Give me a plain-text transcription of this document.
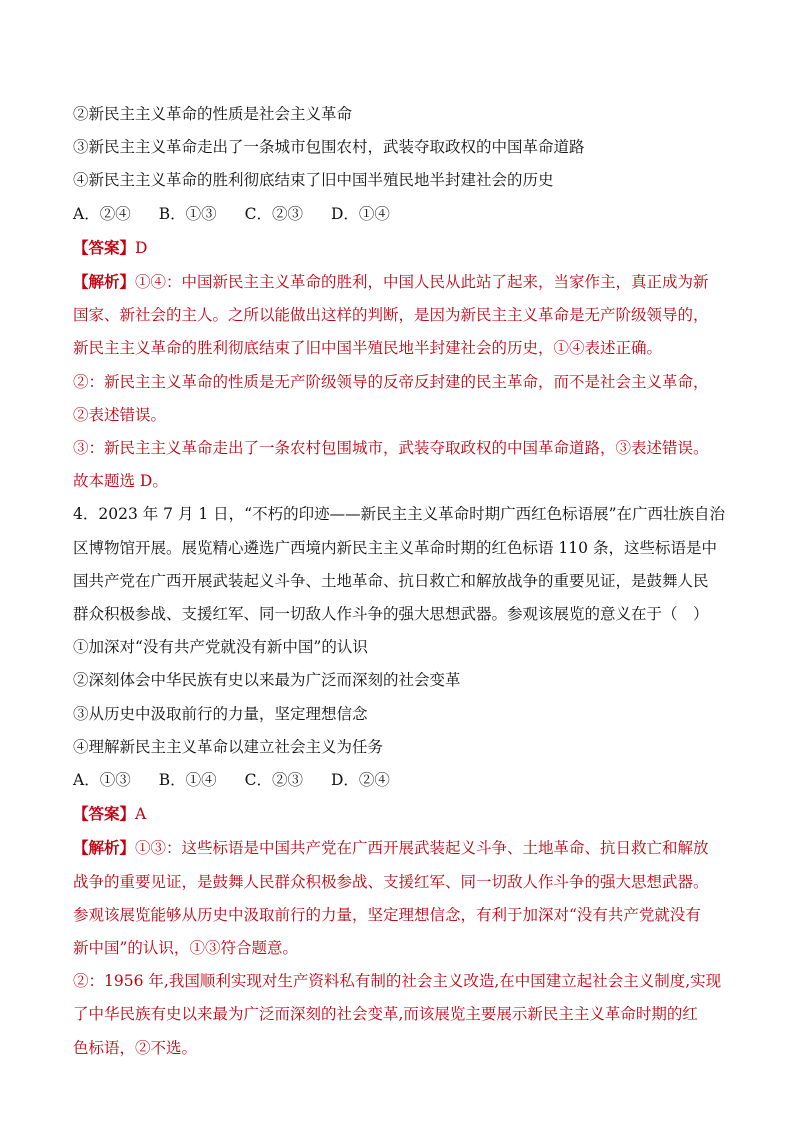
②新民主主义革命的性质是社会主义革命
③新民主主义革命走出了一条城市包围农村，武装夺取政权的中国革命道路
④新民主主义革命的胜利彻底结束了旧中国半殖民地半封建社会的历史
A．②④ B．①③ C．②③ D．①④
【答案】D
【解析】①④：中国新民主主义革命的胜利，中国人民从此站了起来，当家作主，真正成为新
国家、新社会的主人。之所以能做出这样的判断，是因为新民主主义革命是无产阶级领导的，
新民主主义革命的胜利彻底结束了旧中国半殖民地半封建社会的历史，①④表述正确。
②：新民主主义革命的性质是无产阶级领导的反帝反封建的民主革命，而不是社会主义革命，
②表述错误。
③：新民主主义革命走出了一条农村包围城市，武装夺取政权的中国革命道路，③表述错误。
故本题选 D。
4．2023 年 7 月 1 日，“不朽的印迹——新民主主义革命时期广西红色标语展”在广西壮族自治
区博物馆开展。展览精心遴选广西境内新民主主义革命时期的红色标语 110 条，这些标语是中
国共产党在广西开展武装起义斗争、土地革命、抗日救亡和解放战争的重要见证，是鼓舞人民
群众积极参战、支援红军、同一切敌人作斗争的强大思想武器。参观该展览的意义在于（　）
①加深对“没有共产党就没有新中国”的认识
②深刻体会中华民族有史以来最为广泛而深刻的社会变革
③从历史中汲取前行的力量，坚定理想信念
④理解新民主主义革命以建立社会主义为任务
A．①③ B．①④ C．②③ D．②④
【答案】A
【解析】①③：这些标语是中国共产党在广西开展武装起义斗争、土地革命、抗日救亡和解放
战争的重要见证，是鼓舞人民群众积极参战、支援红军、同一切敌人作斗争的强大思想武器。
参观该展览能够从历史中汲取前行的力量，坚定理想信念，有利于加深对“没有共产党就没有
新中国”的认识，①③符合题意。
②：1956 年,我国顺利实现对生产资料私有制的社会主义改造,在中国建立起社会主义制度,实现
了中华民族有史以来最为广泛而深刻的社会变革,而该展览主要展示新民主主义革命时期的红
色标语，②不选。
